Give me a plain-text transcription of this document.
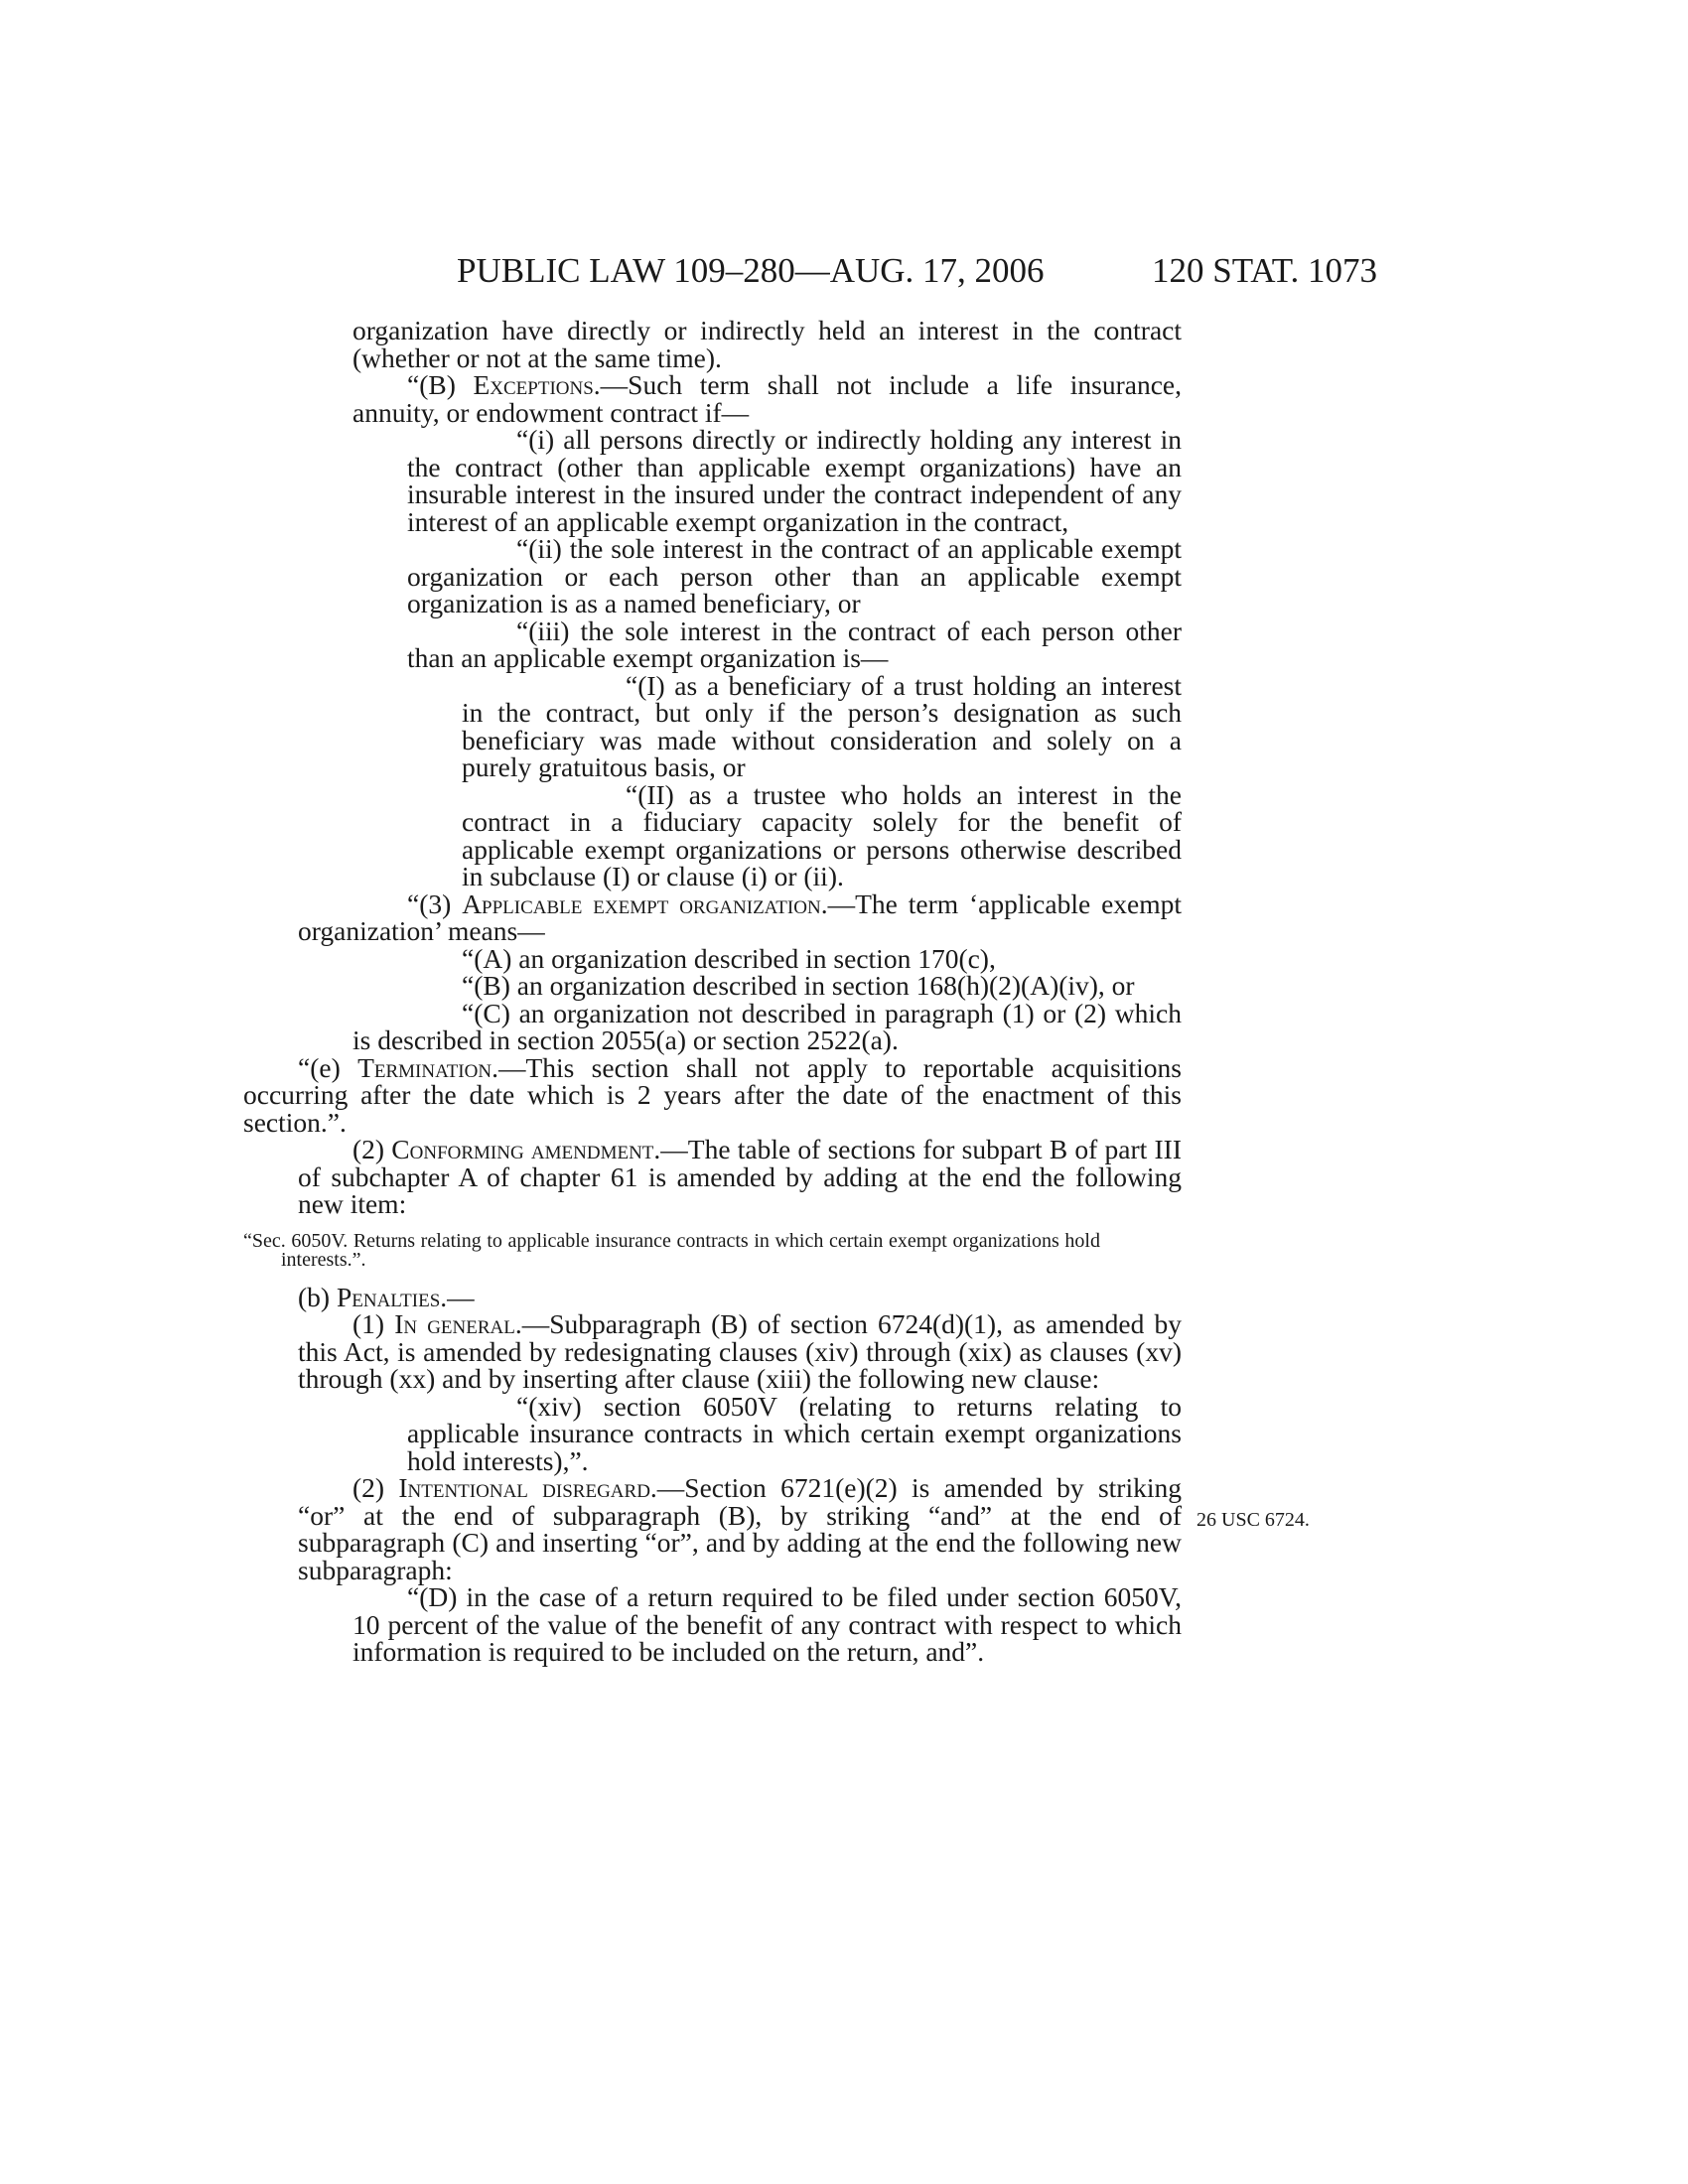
PUBLIC LAW 109–280—AUG. 17, 2006	120 STAT. 1073
26 USC 6724.

organization have directly or indirectly held an interest in the contract (whether or not at the same time).

“(B) Exceptions.—Such term shall not include a life insurance, annuity, or endowment contract if—

“(i) all persons directly or indirectly holding any interest in the contract (other than applicable exempt organizations) have an insurable interest in the insured under the contract independent of any interest of an applicable exempt organization in the contract,

“(ii) the sole interest in the contract of an applicable exempt organization or each person other than an applicable exempt organization is as a named beneficiary, or

“(iii) the sole interest in the contract of each person other than an applicable exempt organization is—

“(I) as a beneficiary of a trust holding an interest in the contract, but only if the person’s designation as such beneficiary was made without consideration and solely on a purely gratuitous basis, or

“(II) as a trustee who holds an interest in the contract in a fiduciary capacity solely for the benefit of applicable exempt organizations or persons otherwise described in subclause (I) or clause (i) or (ii).

“(3) Applicable exempt organization.—The term ‘applicable exempt organization’ means—

“(A) an organization described in section 170(c),

“(B) an organization described in section 168(h)(2)(A)(iv), or

“(C) an organization not described in paragraph (1) or (2) which is described in section 2055(a) or section 2522(a).

“(e) Termination.—This section shall not apply to reportable acquisitions occurring after the date which is 2 years after the date of the enactment of this section.”.

(2) Conforming amendment.—The table of sections for subpart B of part III of subchapter A of chapter 61 is amended by adding at the end the following new item:

“Sec. 6050V. Returns relating to applicable insurance contracts in which certain exempt organizations hold interests.”.

(b) Penalties.—

(1) In general.—Subparagraph (B) of section 6724(d)(1), as amended by this Act, is amended by redesignating clauses (xiv) through (xix) as clauses (xv) through (xx) and by inserting after clause (xiii) the following new clause:

“(xiv) section 6050V (relating to returns relating to applicable insurance contracts in which certain exempt organizations hold interests),”.

(2) Intentional disregard.—Section 6721(e)(2) is amended by striking “or” at the end of subparagraph (B), by striking “and” at the end of subparagraph (C) and inserting “or”, and by adding at the end the following new subparagraph:

“(D) in the case of a return required to be filed under section 6050V, 10 percent of the value of the benefit of any contract with respect to which information is required to be included on the return, and”.
